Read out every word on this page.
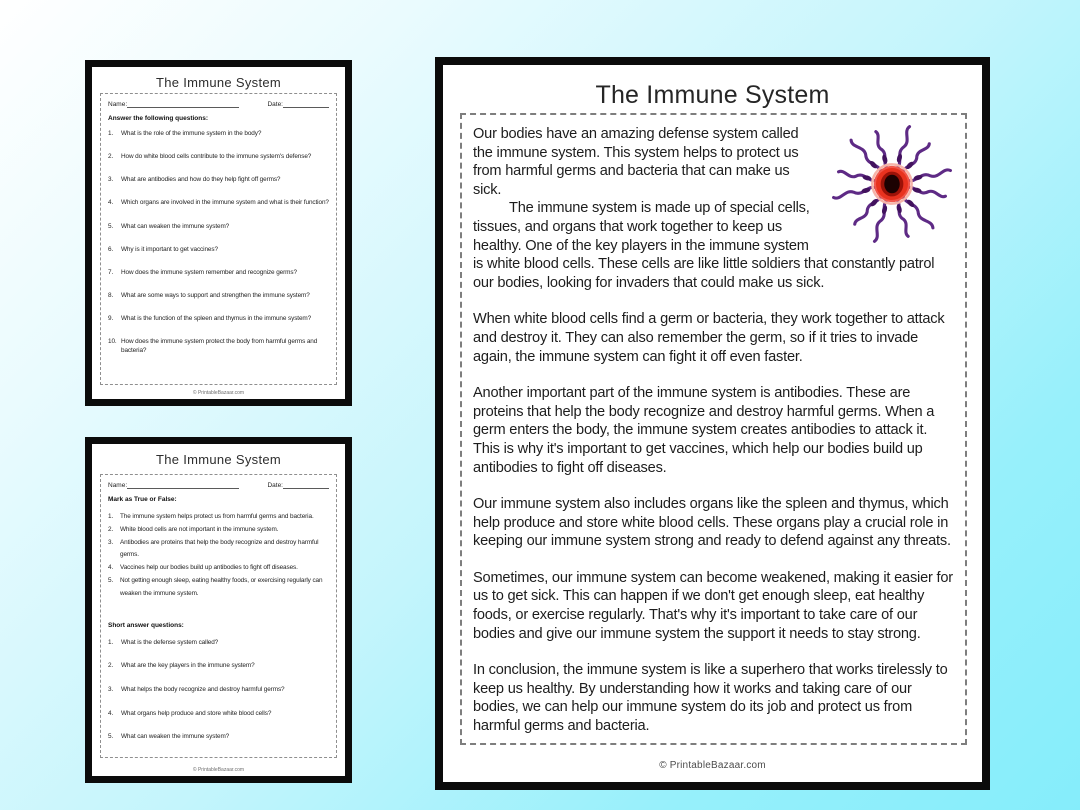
The Immune System
Name:	Date:
Answer the following questions:
1.	What is the role of the immune system in the body?
2.	How do white blood cells contribute to the immune system's defense?
3.	What are antibodies and how do they help fight off germs?
4.	Which organs are involved in the immune system and what is their function?
5.	What can weaken the immune system?
6.	Why is it important to get vaccines?
7.	How does the immune system remember and recognize germs?
8.	What are some ways to support and strengthen the immune system?
9.	What is the function of the spleen and thymus in the immune system?
10. How does the immune system protect the body from harmful germs and bacteria?
© PrintableBazaar.com
The Immune System
Name:	Date:
Mark as True or False:
1.	The immune system helps protect us from harmful germs and bacteria.
2.	White blood cells are not important in the immune system.
3.	Antibodies are proteins that help the body recognize and destroy harmful germs.
4.	Vaccines help our bodies build up antibodies to fight off diseases.
5.	Not getting enough sleep, eating healthy foods, or exercising regularly can weaken the immune system.
Short answer questions:
1.	What is the defense system called?
2.	What are the key players in the immune system?
3.	What helps the body recognize and destroy harmful germs?
4.	What organs help produce and store white blood cells?
5.	What can weaken the immune system?
© PrintableBazaar.com
The Immune System

Our bodies have an amazing defense system called the immune system. This system helps to protect us from harmful germs and bacteria that can make us sick.

The immune system is made up of special cells, tissues, and organs that work together to keep us healthy. One of the key players in the immune system is white blood cells. These cells are like little soldiers that constantly patrol our bodies, looking for invaders that could make us sick.

When white blood cells find a germ or bacteria, they work together to attack and destroy it. They can also remember the germ, so if it tries to invade again, the immune system can fight it off even faster.

Another important part of the immune system is antibodies. These are proteins that help the body recognize and destroy harmful germs. When a germ enters the body, the immune system creates antibodies to attack it. This is why it's important to get vaccines, which help our bodies build up antibodies to fight off diseases.

Our immune system also includes organs like the spleen and thymus, which help produce and store white blood cells. These organs play a crucial role in keeping our immune system strong and ready to defend against any threats.

Sometimes, our immune system can become weakened, making it easier for us to get sick. This can happen if we don't get enough sleep, eat healthy foods, or exercise regularly. That's why it's important to take care of our bodies and give our immune system the support it needs to stay strong.

In conclusion, the immune system is like a superhero that works tirelessly to keep us healthy. By understanding how it works and taking care of our bodies, we can help our immune system do its job and protect us from harmful germs and bacteria.

© PrintableBazaar.com
